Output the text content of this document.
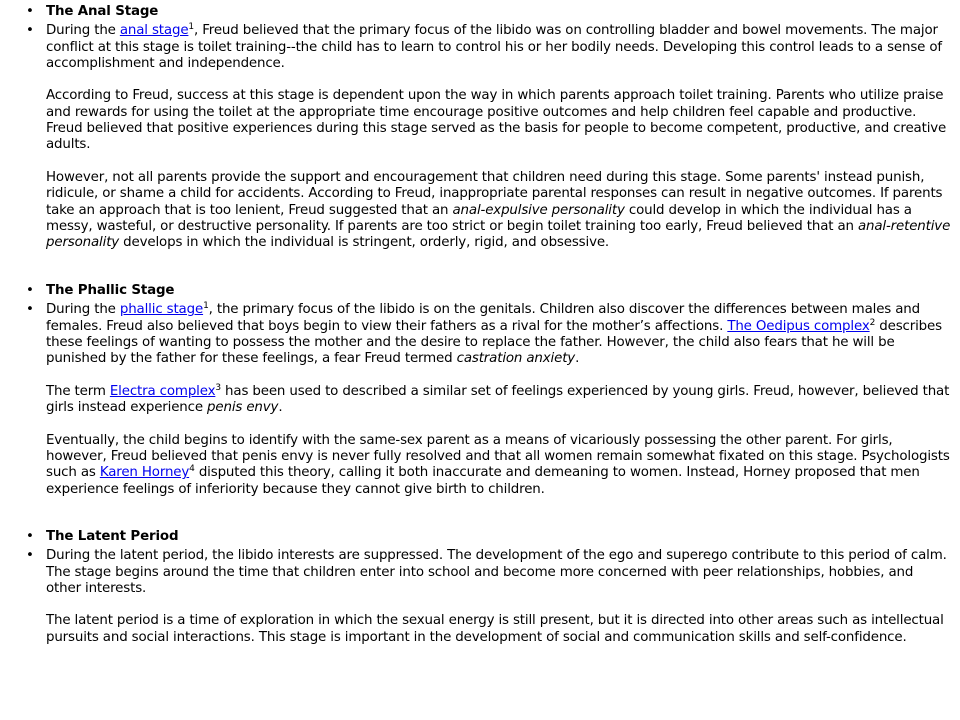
• The Anal Stage
• During the anal stage$^1$, Freud believed that the primary focus of the libido was on controlling bladder and bowel movements. The major conflict at this stage is toilet training--the child has to learn to control his or her bodily needs. Developing this control leads to a sense of accomplishment and independence.

According to Freud, success at this stage is dependent upon the way in which parents approach toilet training. Parents who utilize praise and rewards for using the toilet at the appropriate time encourage positive outcomes and help children feel capable and productive. Freud believed that positive experiences during this stage served as the basis for people to become competent, productive, and creative adults.

However, not all parents provide the support and encouragement that children need during this stage. Some parents' instead punish, ridicule, or shame a child for accidents. According to Freud, inappropriate parental responses can result in negative outcomes. If parents take an approach that is too lenient, Freud suggested that an anal-expulsive personality could develop in which the individual has a messy, wasteful, or destructive personality. If parents are too strict or begin toilet training too early, Freud believed that an anal-retentive personality develops in which the individual is stringent, orderly, rigid, and obsessive.

• The Phallic Stage
• During the phallic stage$^1$, the primary focus of the libido is on the genitals. Children also discover the differences between males and females. Freud also believed that boys begin to view their fathers as a rival for the mother’s affections. The Oedipus complex$^2$ describes these feelings of wanting to possess the mother and the desire to replace the father. However, the child also fears that he will be punished by the father for these feelings, a fear Freud termed castration anxiety.

The term Electra complex$^3$ has been used to described a similar set of feelings experienced by young girls. Freud, however, believed that girls instead experience penis envy.

Eventually, the child begins to identify with the same-sex parent as a means of vicariously possessing the other parent. For girls, however, Freud believed that penis envy is never fully resolved and that all women remain somewhat fixated on this stage. Psychologists such as Karen Horney$^4$ disputed this theory, calling it both inaccurate and demeaning to women. Instead, Horney proposed that men experience feelings of inferiority because they cannot give birth to children.

• The Latent Period
• During the latent period, the libido interests are suppressed. The development of the ego and superego contribute to this period of calm. The stage begins around the time that children enter into school and become more concerned with peer relationships, hobbies, and other interests.

The latent period is a time of exploration in which the sexual energy is still present, but it is directed into other areas such as intellectual pursuits and social interactions. This stage is important in the development of social and communication skills and self-confidence.
